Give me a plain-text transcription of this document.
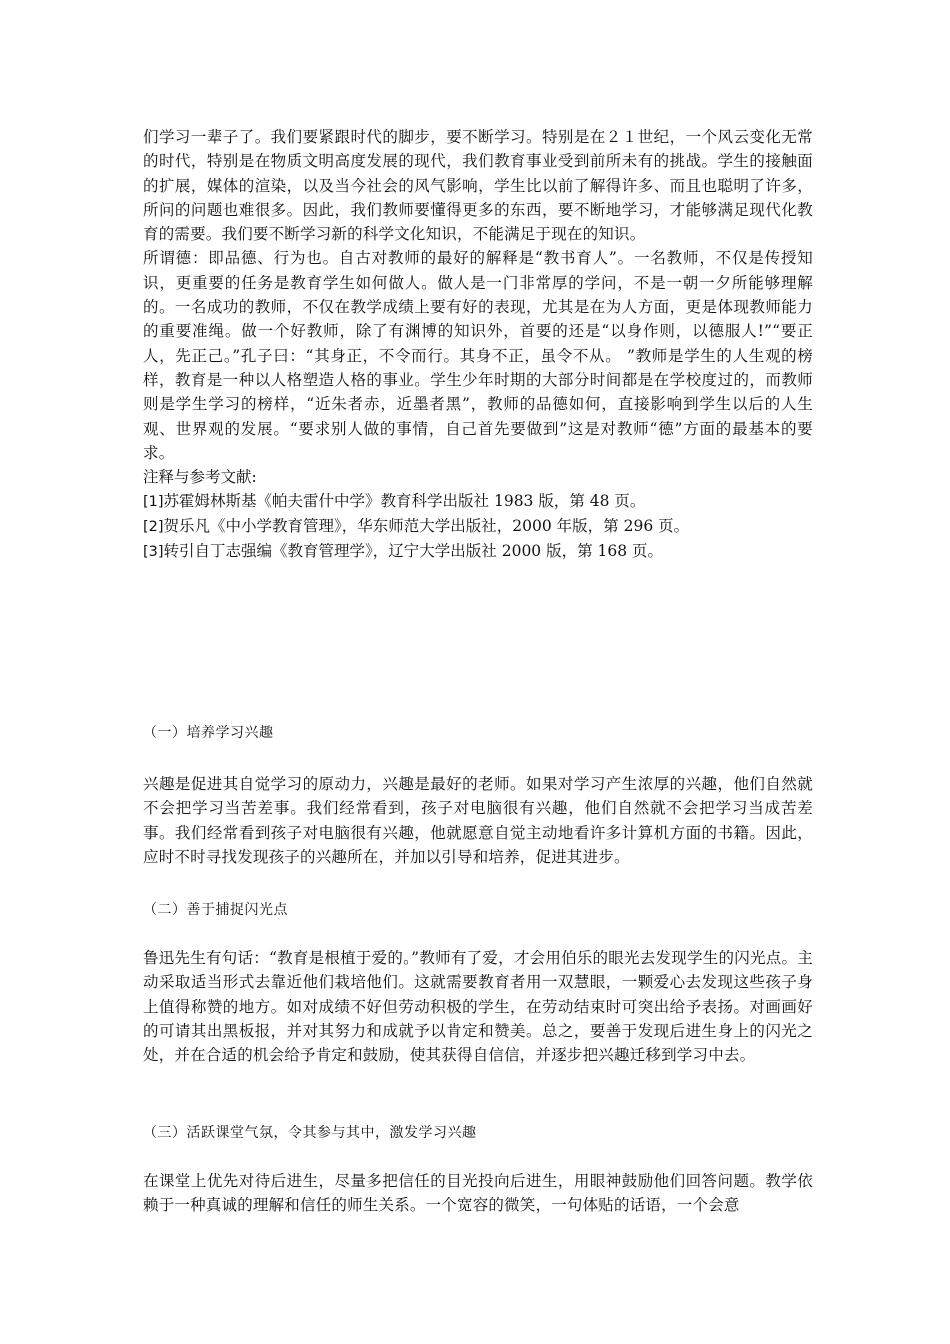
们学习一辈子了。我们要紧跟时代的脚步，要不断学习。特别是在２１世纪，一个风云变化无常的时代，特别是在物质文明高度发展的现代，我们教育事业受到前所未有的挑战。学生的接触面的扩展，媒体的渲染，以及当今社会的风气影响，学生比以前了解得许多、而且也聪明了许多，所问的问题也难很多。因此，我们教师要懂得更多的东西，要不断地学习，才能够满足现代化教育的需要。我们要不断学习新的科学文化知识，不能满足于现在的知识。

所谓德：即品德、行为也。自古对教师的最好的解释是“教书育人”。一名教师，不仅是传授知识，更重要的任务是教育学生如何做人。做人是一门非常厚的学问，不是一朝一夕所能够理解的。一名成功的教师，不仅在教学成绩上要有好的表现，尤其是在为人方面，更是体现教师能力的重要准绳。做一个好教师，除了有渊博的知识外，首要的还是“以身作则，以德服人!”“要正人，先正己。”孔子曰：“其身正，不令而行。其身不正，虽令不从。 ”教师是学生的人生观的榜样，教育是一种以人格塑造人格的事业。学生少年时期的大部分时间都是在学校度过的，而教师则是学生学习的榜样，“近朱者赤，近墨者黑”，教师的品德如何，直接影响到学生以后的人生观、世界观的发展。“要求别人做的事情，自己首先要做到”这是对教师“德”方面的最基本的要求。

注释与参考文献:

[1]苏霍姆林斯基《帕夫雷什中学》教育科学出版社 1983 版，第 48 页。

[2]贺乐凡《中小学教育管理》，华东师范大学出版社，2000 年版，第 296 页。

[3]转引自丁志强编《教育管理学》，辽宁大学出版社 2000 版，第 168 页。

（一）培养学习兴趣

兴趣是促进其自觉学习的原动力，兴趣是最好的老师。如果对学习产生浓厚的兴趣，他们自然就不会把学习当苦差事。我们经常看到，孩子对电脑很有兴趣，他们自然就不会把学习当成苦差事。我们经常看到孩子对电脑很有兴趣，他就愿意自觉主动地看许多计算机方面的书籍。因此，应时不时寻找发现孩子的兴趣所在，并加以引导和培养，促进其进步。

（二）善于捕捉闪光点

鲁迅先生有句话：“教育是根植于爱的。”教师有了爱，才会用伯乐的眼光去发现学生的闪光点。主动采取适当形式去靠近他们栽培他们。这就需要教育者用一双慧眼，一颗爱心去发现这些孩子身上值得称赞的地方。如对成绩不好但劳动积极的学生，在劳动结束时可突出给予表扬。对画画好的可请其出黑板报，并对其努力和成就予以肯定和赞美。总之，要善于发现后进生身上的闪光之处，并在合适的机会给予肯定和鼓励，使其获得自信信，并逐步把兴趣迁移到学习中去。

（三）活跃课堂气氛，令其参与其中，激发学习兴趣

在课堂上优先对待后进生，尽量多把信任的目光投向后进生，用眼神鼓励他们回答问题。教学依赖于一种真诚的理解和信任的师生关系。一个宽容的微笑，一句体贴的话语，一个会意
